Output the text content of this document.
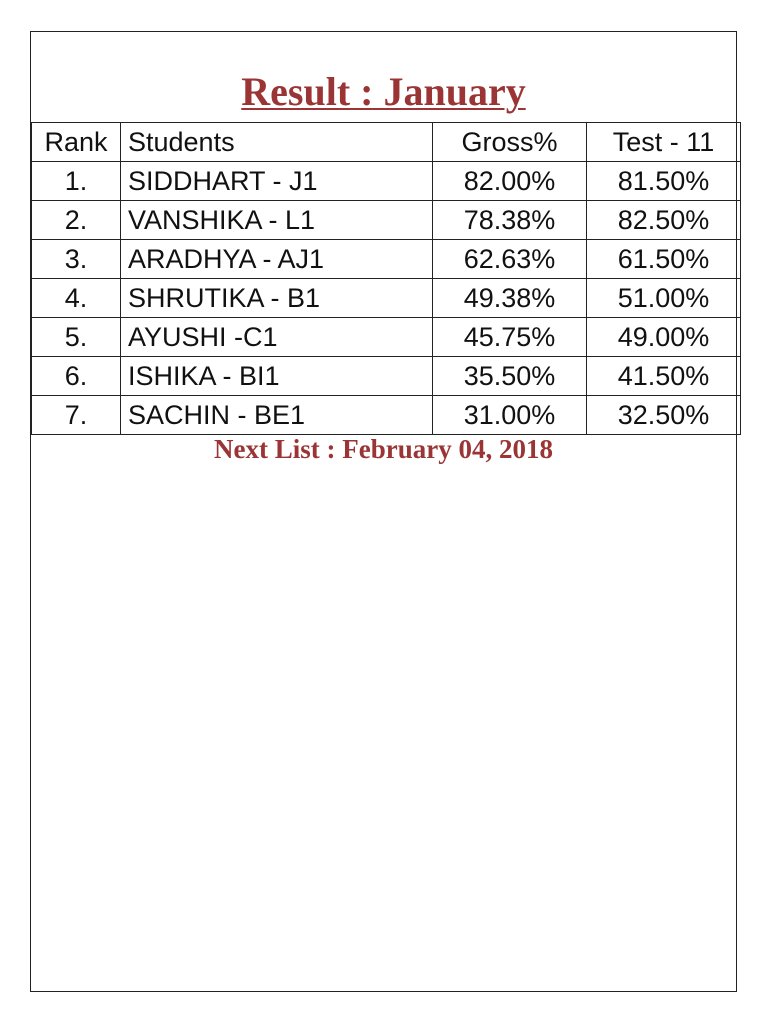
Result : January
Rank	Students	Gross%	Test - 11
1.	SIDDHART - J1	82.00%	81.50%
2.	VANSHIKA - L1	78.38%	82.50%
3.	ARADHYA - AJ1	62.63%	61.50%
4.	SHRUTIKA - B1	49.38%	51.00%
5.	AYUSHI -C1	45.75%	49.00%
6.	ISHIKA - BI1	35.50%	41.50%
7.	SACHIN - BE1	31.00%	32.50%

Next List : February 04, 2018
